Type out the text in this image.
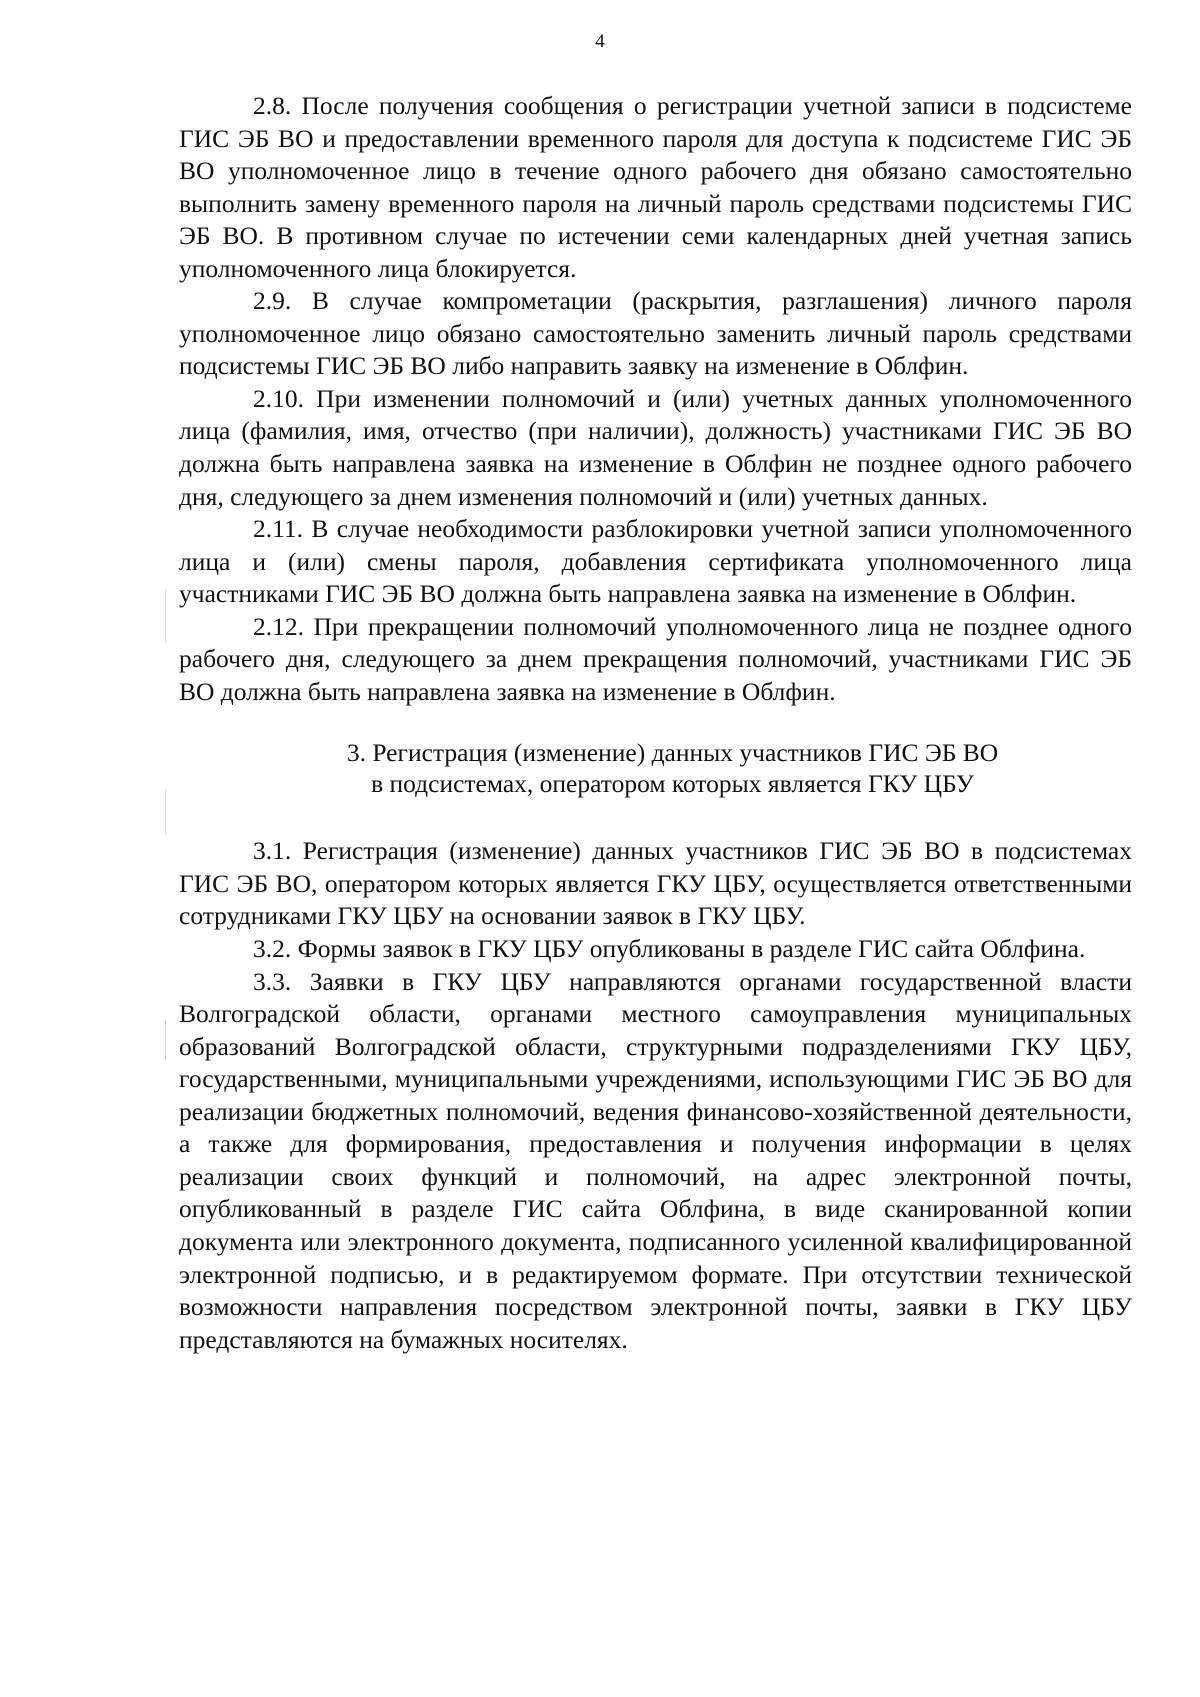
4

2.8. После получения сообщения о регистрации учетной записи в подсистеме ГИС ЭБ ВО и предоставлении временного пароля для доступа к подсистеме ГИС ЭБ ВО уполномоченное лицо в течение одного рабочего дня обязано самостоятельно выполнить замену временного пароля на личный пароль средствами подсистемы ГИС ЭБ ВО. В противном случае по истечении семи календарных дней учетная запись уполномоченного лица блокируется.

2.9. В случае компрометации (раскрытия, разглашения) личного пароля уполномоченное лицо обязано самостоятельно заменить личный пароль средствами подсистемы ГИС ЭБ ВО либо направить заявку на изменение в Облфин.

2.10. При изменении полномочий и (или) учетных данных уполномоченного лица (фамилия, имя, отчество (при наличии), должность) участниками ГИС ЭБ ВО должна быть направлена заявка на изменение в Облфин не позднее одного рабочего дня, следующего за днем изменения полномочий и (или) учетных данных.

2.11. В случае необходимости разблокировки учетной записи уполномоченного лица и (или) смены пароля, добавления сертификата уполномоченного лица участниками ГИС ЭБ ВО должна быть направлена заявка на изменение в Облфин.

2.12. При прекращении полномочий уполномоченного лица не позднее одного рабочего дня, следующего за днем прекращения полномочий, участниками ГИС ЭБ ВО должна быть направлена заявка на изменение в Облфин.

3. Регистрация (изменение) данных участников ГИС ЭБ ВО
в подсистемах, оператором которых является ГКУ ЦБУ

3.1. Регистрация (изменение) данных участников ГИС ЭБ ВО в подсистемах ГИС ЭБ ВО, оператором которых является ГКУ ЦБУ, осуществляется ответственными сотрудниками ГКУ ЦБУ на основании заявок в ГКУ ЦБУ.

3.2. Формы заявок в ГКУ ЦБУ опубликованы в разделе ГИС сайта Облфина.

3.3. Заявки в ГКУ ЦБУ направляются органами государственной власти Волгоградской области, органами местного самоуправления муниципальных образований Волгоградской области, структурными подразделениями ГКУ ЦБУ, государственными, муниципальными учреждениями, использующими ГИС ЭБ ВО для реализации бюджетных полномочий, ведения финансово-хозяйственной деятельности, а также для формирования, предоставления и получения информации в целях реализации своих функций и полномочий, на адрес электронной почты, опубликованный в разделе ГИС сайта Облфина, в виде сканированной копии документа или электронного документа, подписанного усиленной квалифицированной электронной подписью, и в редактируемом формате. При отсутствии технической возможности направления посредством электронной почты, заявки в ГКУ ЦБУ представляются на бумажных носителях.
